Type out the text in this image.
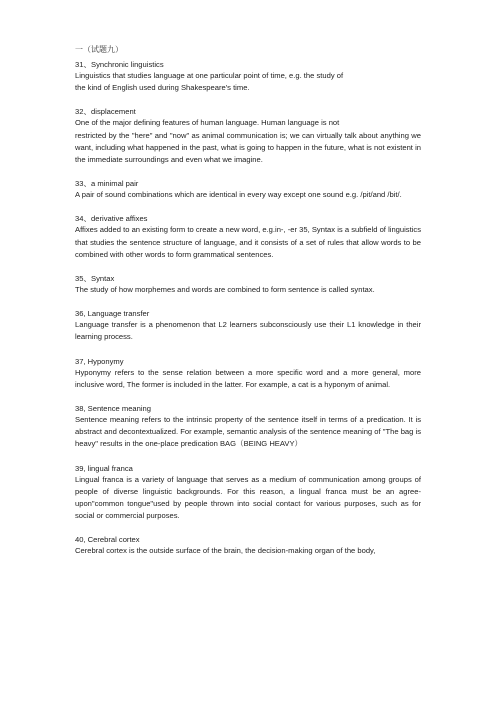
一（试题九）
31、Synchronic linguistics
Linguistics that studies language at one particular point of time, e.g. the study of
the kind of English used during Shakespeare's time.
32、displacement
One of the major defining features of human language. Human language is not
restricted by the "here" and "now" as animal communication is; we can virtually talk about anything we want, including what happened in the past, what is going to happen in the future, what is not existent in the immediate surroundings and even what we imagine.
33、a minimal pair
A pair of sound combinations which are identical in every way except one sound e.g. /pit/and /bit/.
34、derivative affixes
Affixes added to an existing form to create a new word, e.g.in-, -er 35, Syntax is a subfield of linguistics that studies the sentence structure of language, and it consists of a set of rules that allow words to be combined with other words to form grammatical sentences.
35、Syntax
The study of how morphemes and words are combined to form sentence is called syntax.
36, Language transfer
Language transfer is a phenomenon that L2 learners subconsciously use their L1 knowledge in their learning process.
37, Hyponymy
Hyponymy refers to the sense relation between a more specific word and a more general, more inclusive word, The former is included in the latter. For example, a cat is a hyponym of animal.
38, Sentence meaning
Sentence meaning refers to the intrinsic property of the sentence itself in terms of a predication. It is abstract and decontextualized. For example, semantic analysis of the sentence meaning of "The bag is heavy" results in the one-place predication BAG（BEING HEAVY）
39, lingual franca
Lingual franca is a variety of language that serves as a medium of communication among groups of people of diverse linguistic backgrounds. For this reason, a lingual franca must be an agree-upon"common tongue"used by people thrown into social contact for various purposes, such as for social or commercial purposes.
40, Cerebral cortex
Cerebral cortex is the outside surface of the brain, the decision-making organ of the body,
